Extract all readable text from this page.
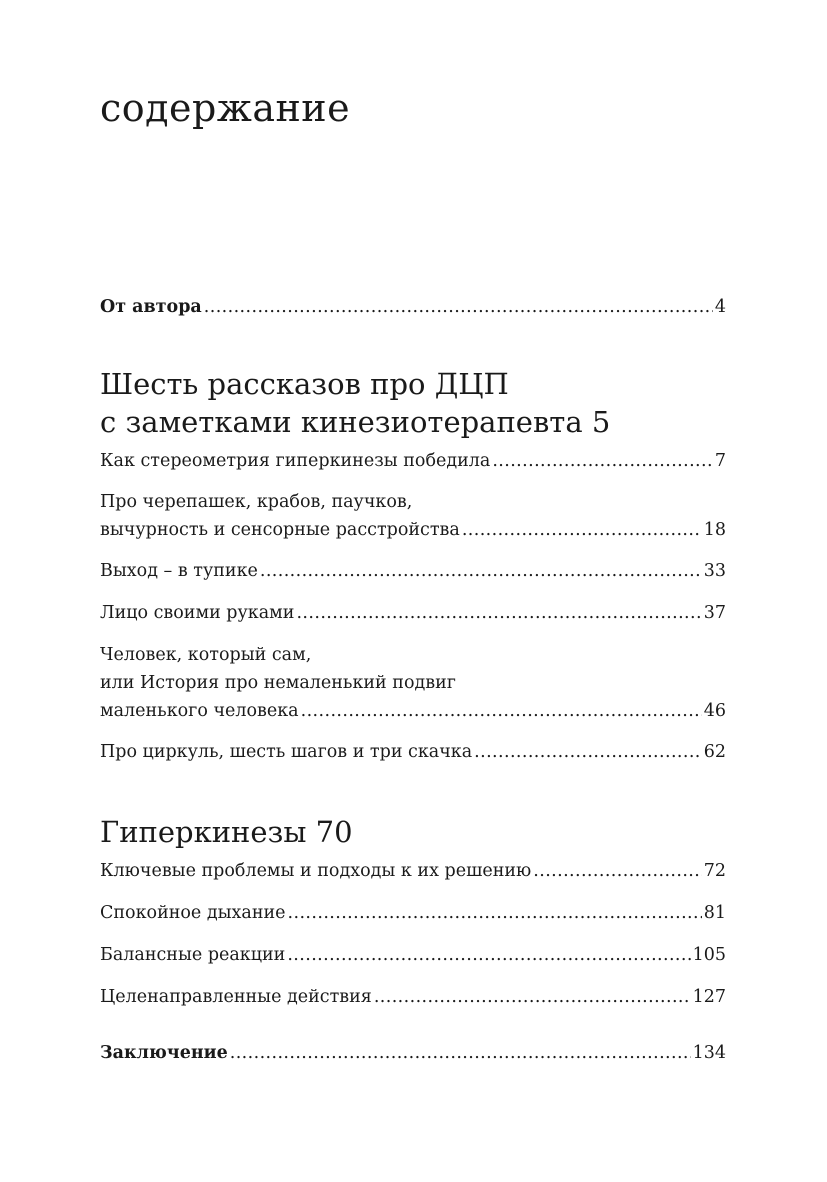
содержание
От автора .....	4
Шесть рассказов про ДЦП
с заметками кинезиотерапевта 5
Как стереометрия гиперкинезы победила .....	7
Про черепашек, крабов, паучков,
вычурность и сенсорные расстройства .....	18
Выход – в тупике .....	33
Лицо своими руками .....	37
Человек, который сам,
или История про немаленький подвиг
маленького человека .....	46
Про циркуль, шесть шагов и три скачка .....	62
Гиперкинезы 70
Ключевые проблемы и подходы к их решению .....	72
Спокойное дыхание .....	81
Балансные реакции .....	105
Целенаправленные действия .....	127
Заключение .....	134
